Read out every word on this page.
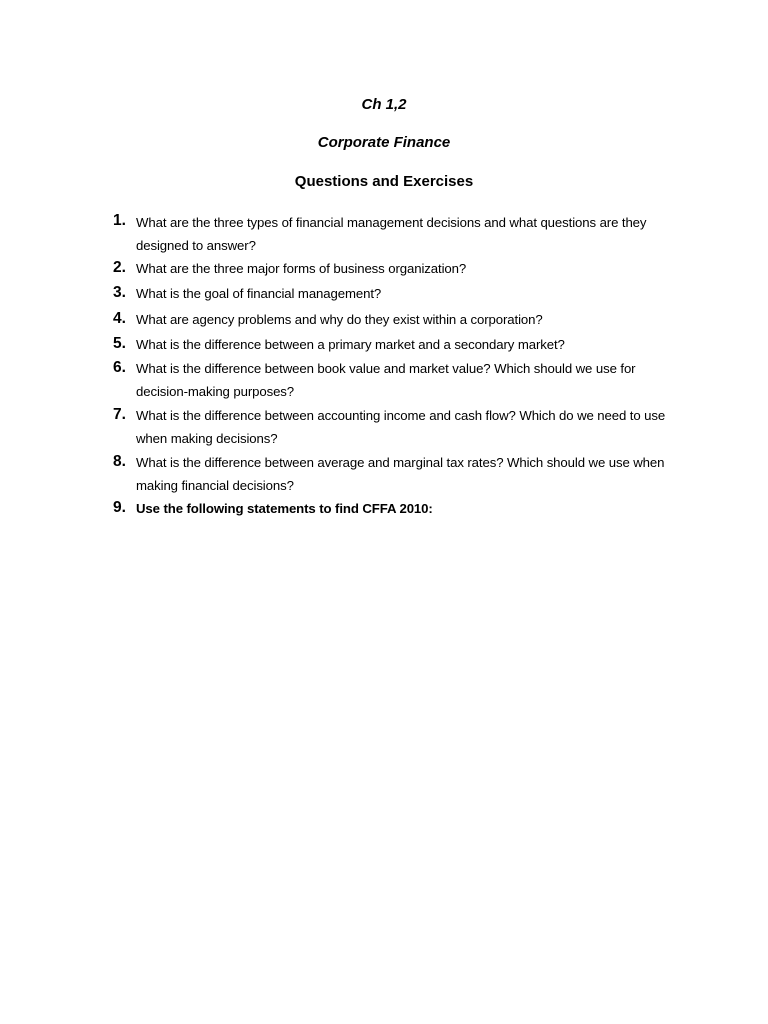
Ch 1,2
Corporate Finance
Questions and Exercises
1. What are the three types of financial management decisions and what questions are they designed to answer?
2. What are the three major forms of business organization?
3. What is the goal of financial management?
4. What are agency problems and why do they exist within a corporation?
5. What is the difference between a primary market and a secondary market?
6. What is the difference between book value and market value? Which should we use for decision-making purposes?
7. What is the difference between accounting income and cash flow? Which do we need to use when making decisions?
8. What is the difference between average and marginal tax rates? Which should we use when making financial decisions?
9. Use the following statements to find CFFA 2010:
